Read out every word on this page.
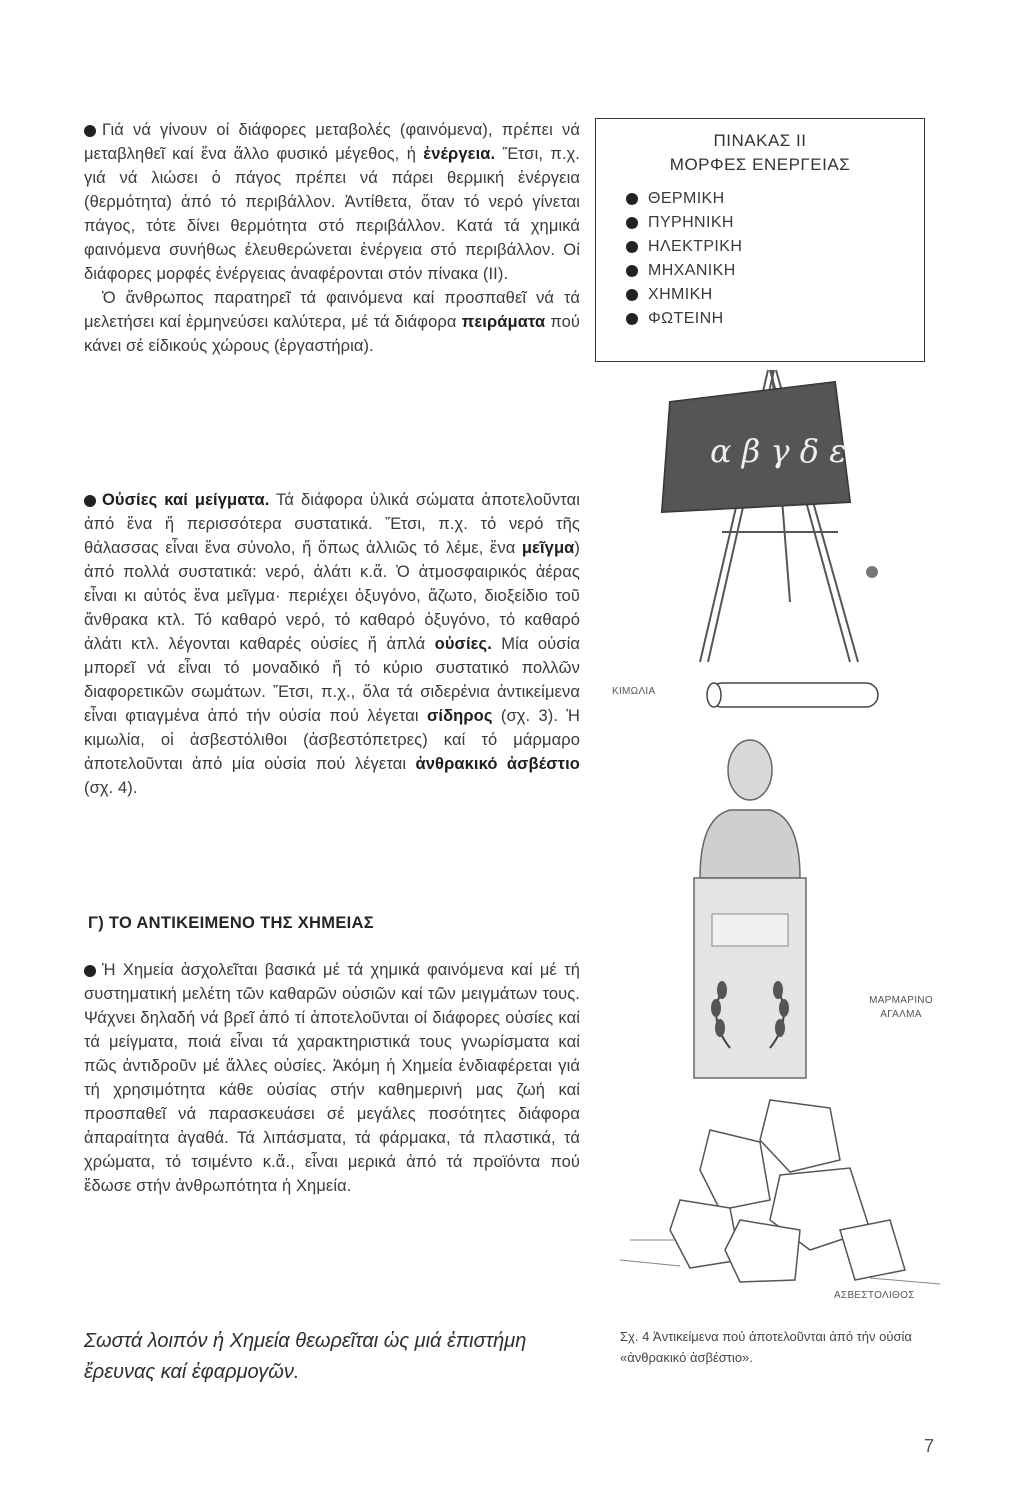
Γιά νά γίνουν οί διάφορες μεταβολές (φαινόμενα), πρέπει νά μεταβληθεῖ καί ἕνα ἄλλο φυσικό μέγεθος, ἡ ἐνέργεια. Ἔτσι, π.χ. γιά νά λιώσει ὁ πάγος πρέπει νά πάρει θερμική ἐνέργεια (θερμότητα) ἀπό τό περιβάλλον. Ἀντίθετα, ὅταν τό νερό γίνεται πάγος, τότε δίνει θερμότητα στό περιβάλλον. Κατά τά χημικά φαινόμενα συνήθως ἐλευθερώνεται ἐνέργεια στό περιβάλλον. Οί διάφορες μορφές ἐνέργειας ἀναφέρονται στόν πίνακα (II).

Ὁ ἄνθρωπος παρατηρεῖ τά φαινόμενα καί προσπαθεῖ νά τά μελετήσει καί ἑρμηνεύσει καλύτερα, μέ τά διάφορα πειράματα πού κάνει σέ είδικούς χώρους (ἐργαστήρια).

Οὐσίες καί μείγματα. Τά διάφορα ὑλικά σώματα ἀποτελοῦνται ἀπό ἕνα ἤ περισσότερα συστατικά. Ἔτσι, π.χ. τό νερό τῆς θάλασσας εἶναι ἕνα σύνολο, ἤ ὅπως ἀλλιῶς τό λέμε, ἕνα μεῖγμα) ἀπό πολλά συστατικά: νερό, ἀλάτι κ.ἄ. Ὁ ἀτμοσφαιρικός ἀέρας εἶναι κι αὐτός ἕνα μεῖγμα· περιέχει ὀξυγόνο, ἄζωτο, διοξείδιο τοῦ ἄνθρακα κτλ. Τό καθαρό νερό, τό καθαρό ὀξυγόνο, τό καθαρό ἀλάτι κτλ. λέγονται καθαρές οὐσίες ἤ ἁπλά οὐσίες. Μία οὐσία μπορεῖ νά εἶναι τό μοναδικό ἤ τό κύριο συστατικό πολλῶν διαφορετικῶν σωμάτων. Ἔτσι, π.χ., ὅλα τά σιδερένια ἀντικείμενα εἶναι φτιαγμένα ἀπό τήν οὐσία πού λέγεται σίδηρος (σχ. 3). Ἡ κιμωλία, οἱ ἀσβεστόλιθοι (ἀσβεστόπετρες) καί τό μάρμαρο ἀποτελοῦνται ἀπό μία οὐσία πού λέγεται ἀνθρακικό ἀσβέστιο (σχ. 4).

Γ) ΤΟ ΑΝΤΙΚΕΙΜΕΝΟ ΤΗΣ ΧΗΜΕΙΑΣ

Ἡ Χημεία ἀσχολεῖται βασικά μέ τά χημικά φαινόμενα καί μέ τή συστηματική μελέτη τῶν καθαρῶν οὐσιῶν καί τῶν μειγμάτων τους. Ψάχνει δηλαδή νά βρεῖ ἀπό τί ἀποτελοῦνται οί διάφορες οὐσίες καί τά μείγματα, ποιά εἶναι τά χαρακτηριστικά τους γνωρίσματα καί πῶς ἀντιδροῦν μέ ἄλλες οὐσίες. Ἀκόμη ἡ Χημεία ἐνδιαφέρεται γιά τή χρησιμότητα κάθε οὐσίας στήν καθημερινή μας ζωή καί προσπαθεῖ νά παρασκευάσει σέ μεγάλες ποσότητες διάφορα ἀπαραίτητα ἀγαθά. Τά λιπάσματα, τά φάρμακα, τά πλαστικά, τά χρώματα, τό τσιμέντο κ.ἄ., εἶναι μερικά ἀπό τά προϊόντα πού ἔδωσε στήν ἀνθρωπότητα ἡ Χημεία.

Σωστά λοιπόν ἡ Χημεία θεωρεῖται ὡς μιά ἐπιστήμη ἔρευνας καί ἐφαρμογῶν.
ΠΙΝΑΚΑΣ II
ΜΟΡΦΕΣ ΕΝΕΡΓΕΙΑΣ
ΘΕΡΜΙΚΗ
ΠΥΡΗΝΙΚΗ
ΗΛΕΚΤΡΙΚΗ
ΜΗΧΑΝΙΚΗ
ΧΗΜΙΚΗ
ΦΩΤΕΙΝΗ
α β γ δ ε
ΚΙΜΩΛΙΑ
ΜΑΡΜΑΡΙΝΟ
ΑΓΑΛΜΑ
ΑΣΒΕΣΤΟΛΙΘΟΣ
Σχ. 4 Ἀντικείμενα πού ἀποτελοῦνται ἀπό τήν οὐσία «ἀνθρακικό ἀσβέστιο».
7
